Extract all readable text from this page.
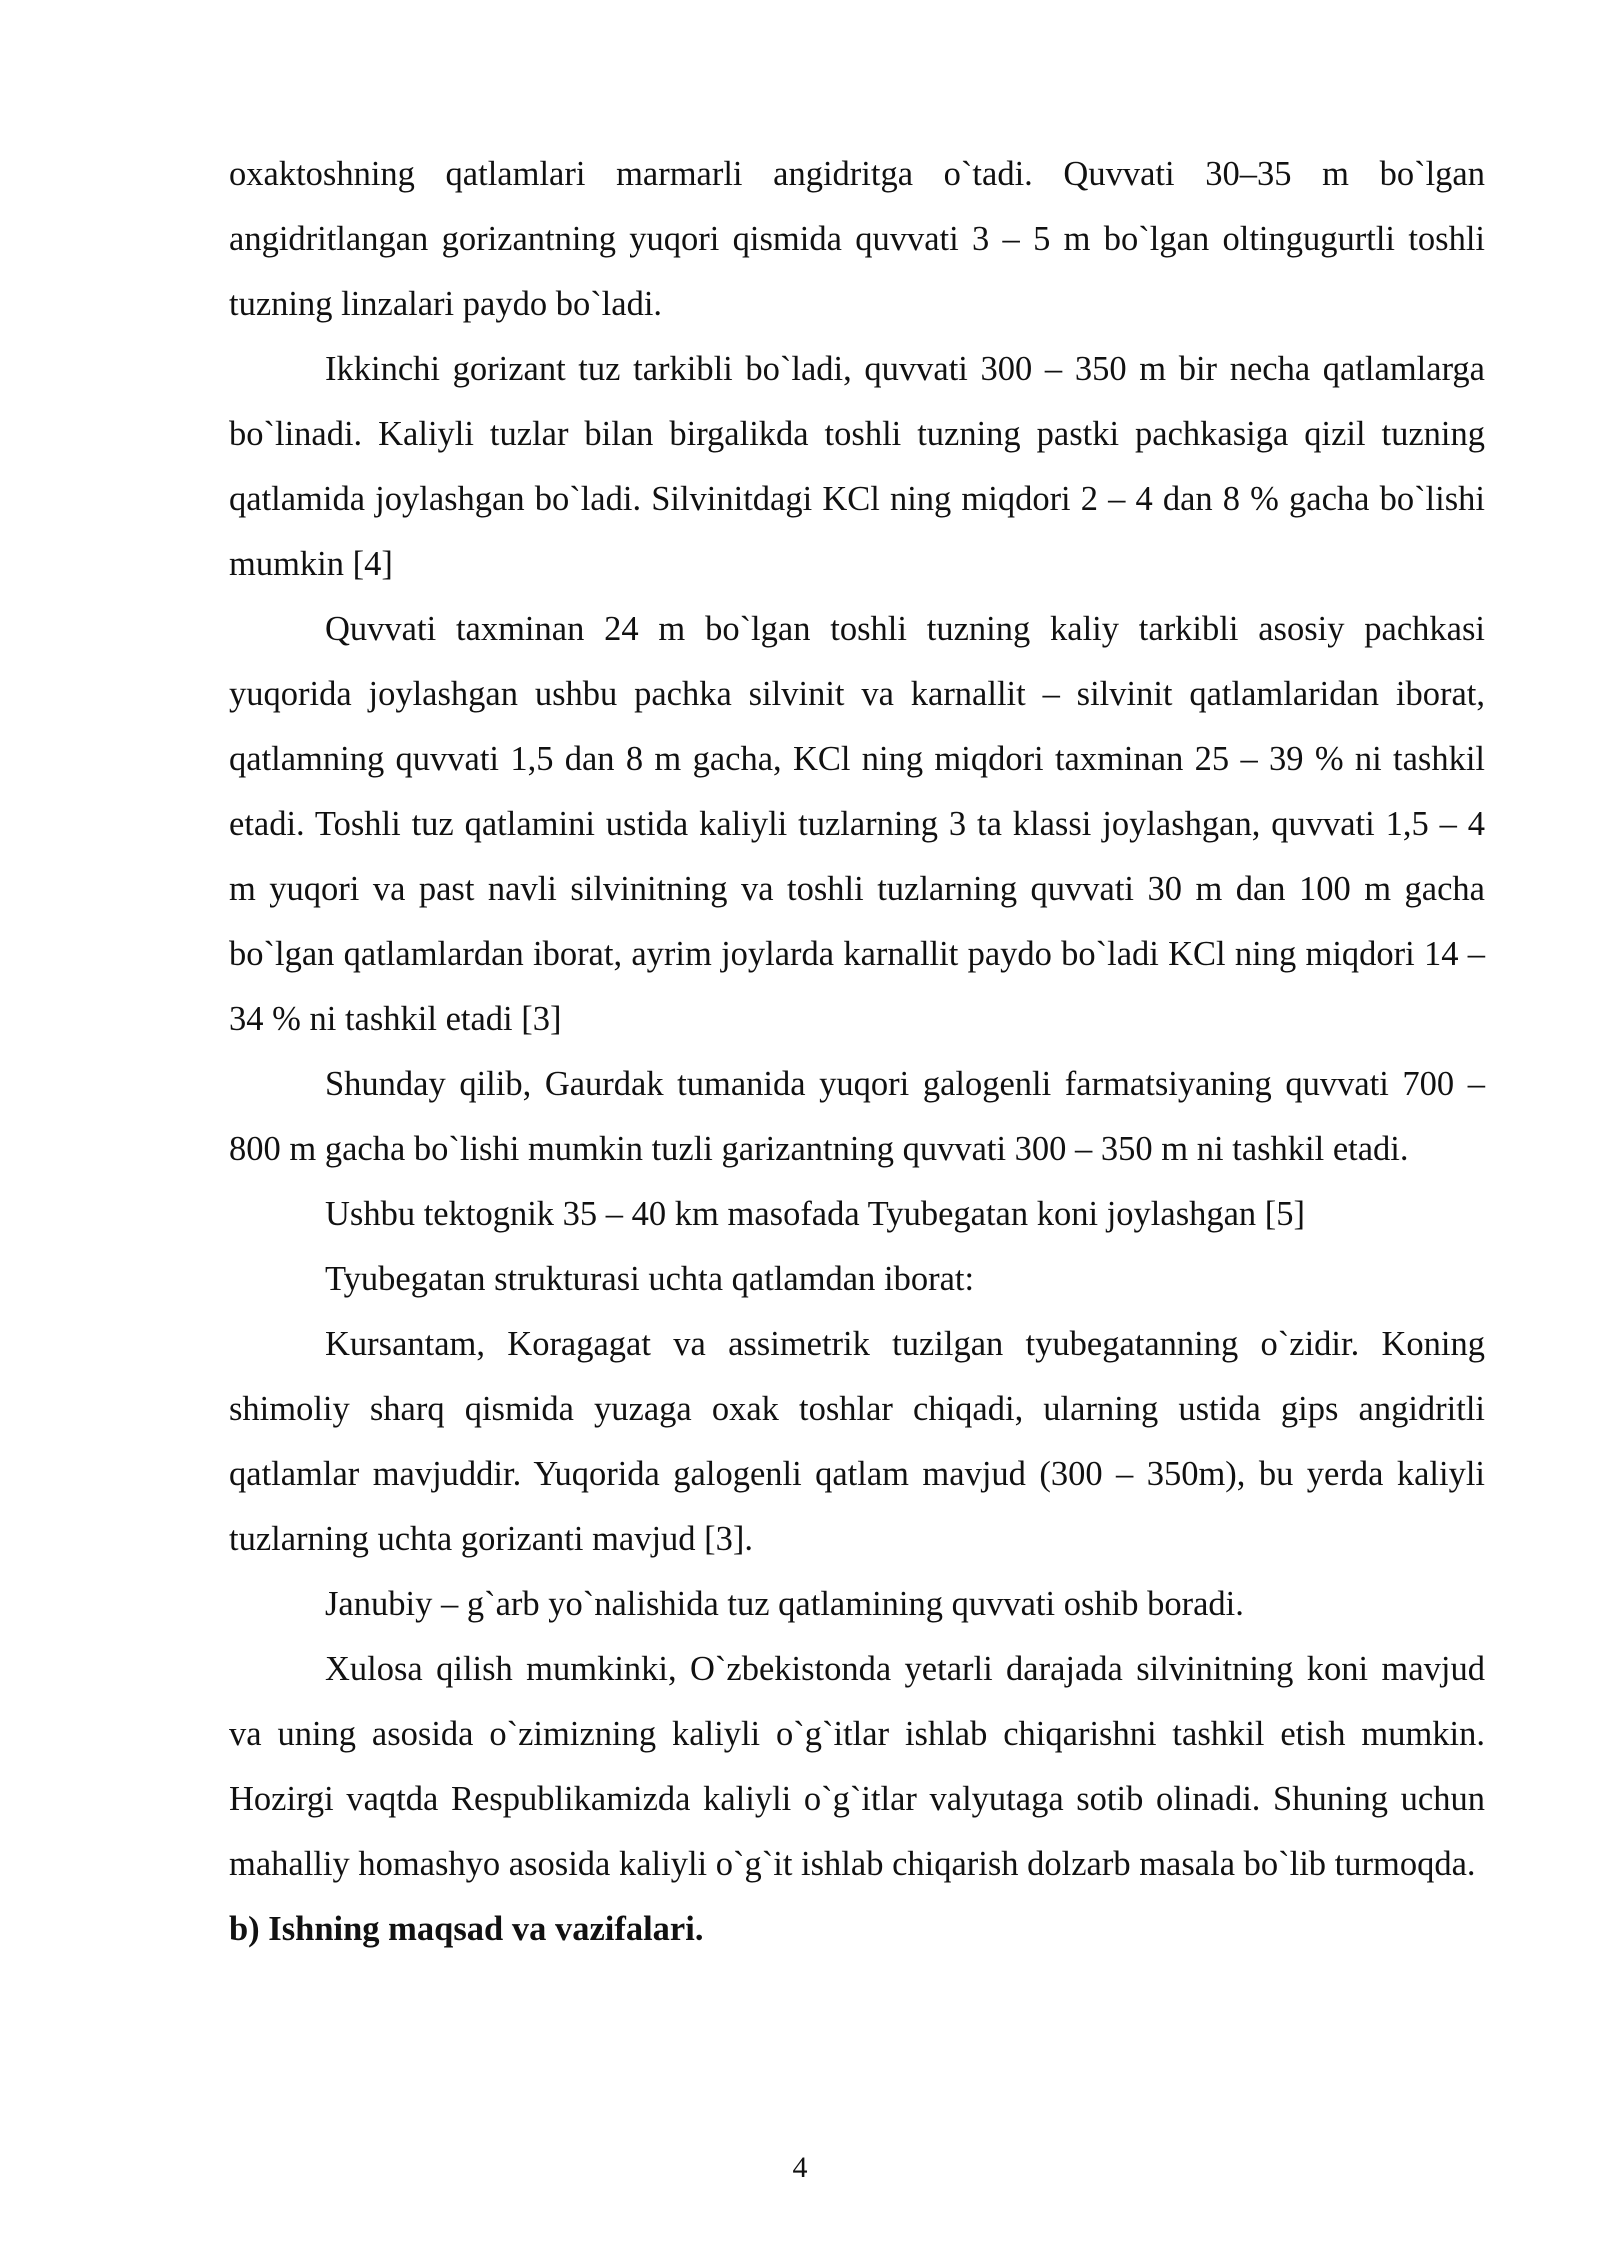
oxaktoshning qatlamlari marmarli angidritga o`tadi. Quvvati 30–35 m bo`lgan angidritlangan gorizantning yuqori qismida quvvati 3 – 5 m bo`lgan oltingugurtli toshli tuzning linzalari paydo bo`ladi.

Ikkinchi gorizant tuz tarkibli bo`ladi, quvvati 300 – 350 m bir necha qatlamlarga bo`linadi. Kaliyli tuzlar bilan birgalikda toshli tuzning pastki pachkasiga qizil tuzning qatlamida joylashgan bo`ladi. Silvinitdagi KCl ning miqdori 2 – 4 dan 8 % gacha bo`lishi mumkin [4]

Quvvati taxminan 24 m bo`lgan toshli tuzning kaliy tarkibli asosiy pachkasi yuqorida joylashgan ushbu pachka silvinit va karnallit – silvinit qatlamlaridan iborat, qatlamning quvvati 1,5 dan 8 m gacha, KCl ning miqdori taxminan 25 – 39 % ni tashkil etadi. Toshli tuz qatlamini ustida kaliyli tuzlarning 3 ta klassi joylashgan, quvvati 1,5 – 4 m yuqori va past navli silvinitning va toshli tuzlarning quvvati 30 m dan 100 m gacha bo`lgan qatlamlardan iborat, ayrim joylarda karnallit paydo bo`ladi KCl ning miqdori 14 – 34 % ni tashkil etadi [3]

Shunday qilib, Gaurdak tumanida yuqori galogenli farmatsiyaning quvvati 700 – 800 m gacha bo`lishi mumkin tuzli garizantning quvvati 300 – 350 m ni tashkil etadi.

Ushbu tektognik 35 – 40 km masofada Tyubegatan koni joylashgan [5]

Tyubegatan strukturasi uchta qatlamdan iborat:

Kursantam, Koragagat va assimetrik tuzilgan tyubegatanning o`zidir. Koning shimoliy sharq qismida yuzaga oxak toshlar chiqadi, ularning ustida gips angidritli qatlamlar mavjuddir. Yuqorida galogenli qatlam mavjud (300 – 350m), bu yerda kaliyli tuzlarning uchta gorizanti mavjud [3].

Janubiy – g`arb yo`nalishida tuz qatlamining quvvati oshib boradi.

Xulosa qilish mumkinki, O`zbekistonda yetarli darajada silvinitning koni mavjud va uning asosida o`zimizning kaliyli o`g`itlar ishlab chiqarishni tashkil etish mumkin. Hozirgi vaqtda Respublikamizda kaliyli o`g`itlar valyutaga sotib olinadi. Shuning uchun mahalliy homashyo asosida kaliyli o`g`it ishlab chiqarish dolzarb masala bo`lib turmoqda.

b) Ishning maqsad va vazifalari.

4
